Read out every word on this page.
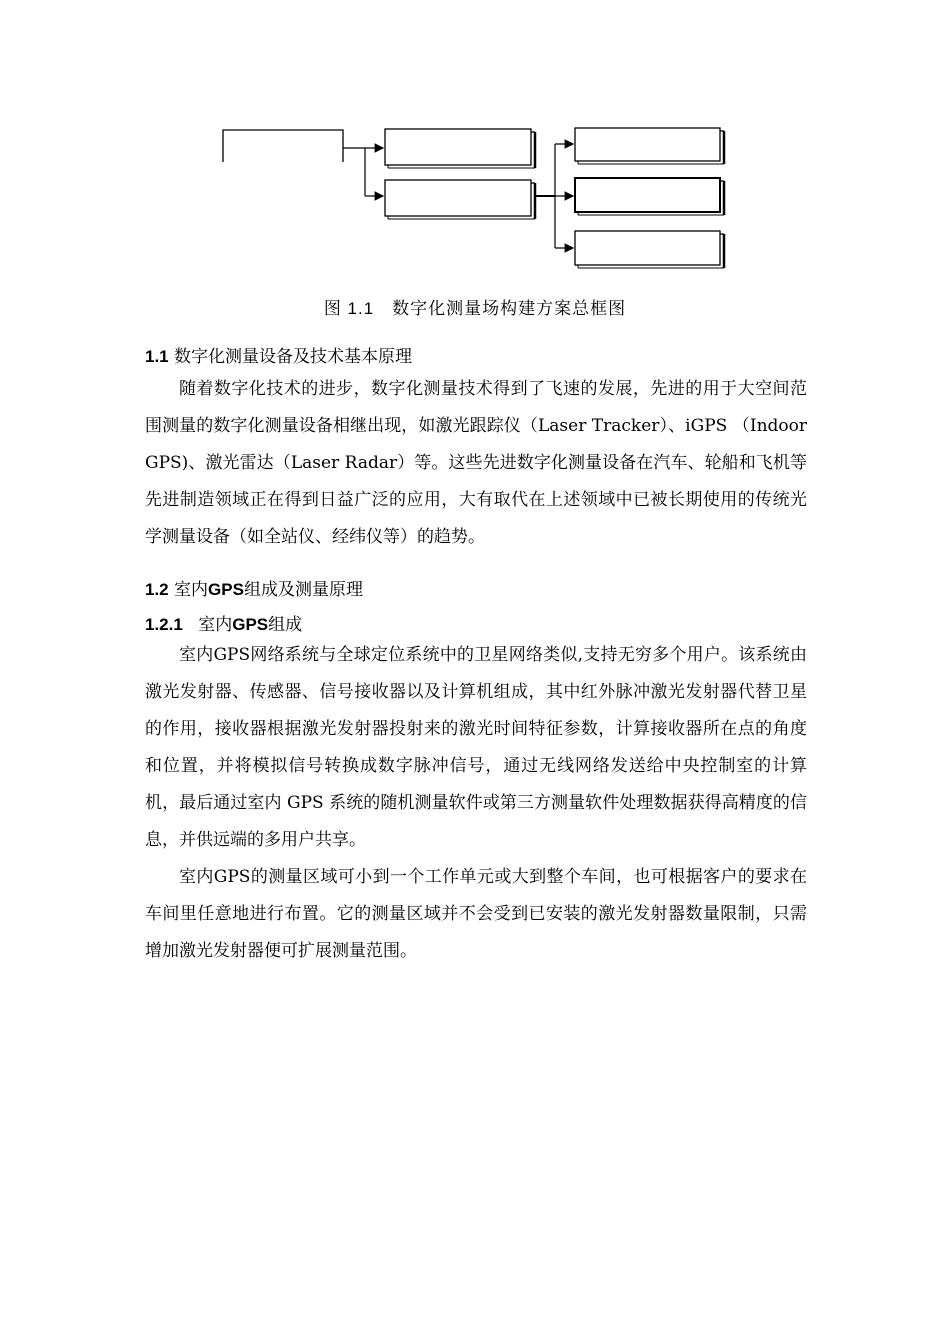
图 1.1 数字化测量场构建方案总框图
1.1 数字化测量设备及技术基本原理

随着数字化技术的进步，数字化测量技术得到了飞速的发展，先进的用于大空间范围测量的数字化测量设备相继出现，如激光跟踪仪（Laser Tracker）、iGPS （Indoor GPS)、激光雷达（Laser Radar）等。这些先进数字化测量设备在汽车、轮船和飞机等先进制造领域正在得到日益广泛的应用，大有取代在上述领域中已被长期使用的传统光学测量设备（如全站仪、经纬仪等）的趋势。

1.2 室内GPS组成及测量原理
1.2.1 室内GPS组成

室内GPS网络系统与全球定位系统中的卫星网络类似,支持无穷多个用户。该系统由激光发射器、传感器、信号接收器以及计算机组成，其中红外脉冲激光发射器代替卫星的作用，接收器根据激光发射器投射来的激光时间特征参数，计算接收器所在点的角度和位置，并将模拟信号转换成数字脉冲信号，通过无线网络发送给中央控制室的计算机，最后通过室内 GPS 系统的随机测量软件或第三方测量软件处理数据获得高精度的信息，并供远端的多用户共享。

室内GPS的测量区域可小到一个工作单元或大到整个车间，也可根据客户的要求在车间里任意地进行布置。它的测量区域并不会受到已安装的激光发射器数量限制，只需增加激光发射器便可扩展测量范围。
